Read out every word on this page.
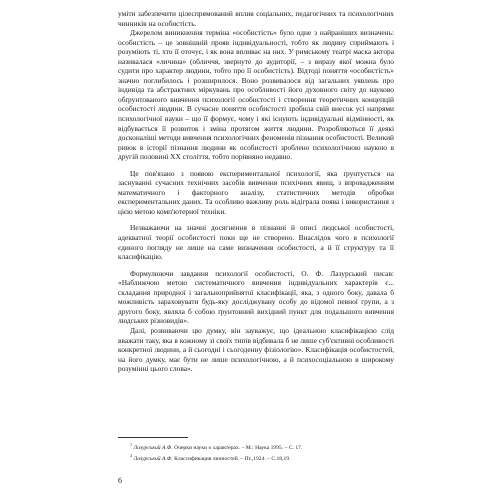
уміти забезпечити цілеспрямований вплив соціальних, педагогічних та психологічних чинників на особистість.

Джерелом виникнення терміна «особистість» було одне з найраніших визначень: особистість – це зовнішній прояв індивідуальності, тобто як людину сприймають і розуміють ті, хто її оточує, і як вона впливає на них. У римському театрі маска актора називалася «личина» (обличчя, звернуте до аудиторії, – з виразу якої можна було судити про характер людини, тобто про її особистість). Відтоді поняття «особистість» значно поглибилось і розширилося. Воно розвивалося від загальних уявлень про індивіда та абстрактних міркувань про особливості його духовного світу до науково обґрунтованого вивчення психології особистості і створення теоретичних концепцій особистості людини. В сучасне поняття особистості зробила свій внесок усі напрями психологічної науки – що її формує, чому і які існують індивідуальні відмінності, як відбувається її розвиток і зміна протягом життя людини. Розробляються її деякі досконаліші методи вивчення психологічних феноменів пізнання особистості. Великий ривок в історії пізнання людини як особистості зроблено психологічною наукою в другій половині XX століття, тобто порівняно недавно.

Це пов'язано з появою експериментальної психології, яка ґрунтується на заснуванні сучасних технічних засобів вивчення психічних явищ, з впровадженням математичного і факторного аналізу, статистичних методів обробки експериментальних даних. Та особливо важливу роль відіграла поява і використання з цією метою комп'ютерної техніки.

Незважаючи на значні досягнення в пізнанні й описі людської особистості, адекватної теорії особистості поки ще не створено. Внаслідок чого в психології єдиного погляду не лише на саме визначення особистості, а й її структуру та її класифікацію.

Формулюючи завдання психології особистості, О. Ф. Лазурський писав: «Наближчою метою систематичного вивчення індивідуальних характерів є... складання природної і загальноприйнятої класифікації, яка, з одного боку, давала б можливість зараховувати будь-яку досліджувану особу до відомої певної групи, а з другого боку, являла б собою ґрунтовний вихідний пункт для подальшого вивчення людських різновидів».

Далі, розвиваючи цю думку, він зауважує, що ідеальною класифікацією слід вважати таку, яка в кожному зі своїх типів відбивала б не лише суб'єктивні особливості конкретної людини, а й сьогодні і сьогоденну фізіологію». Класифікація особистостей, на його думку, має бути не лише психологічною, а й психосоціальною в широкому розумінні цього слова».

$^1$ Лазурський А.Ф. Очерки науки о характерах. – М.: Наука 1995. – С. 17.
$^2$ Лазурський А.Ф. Классификация личностей. – Пг.,1924. – С.18,19.
6
